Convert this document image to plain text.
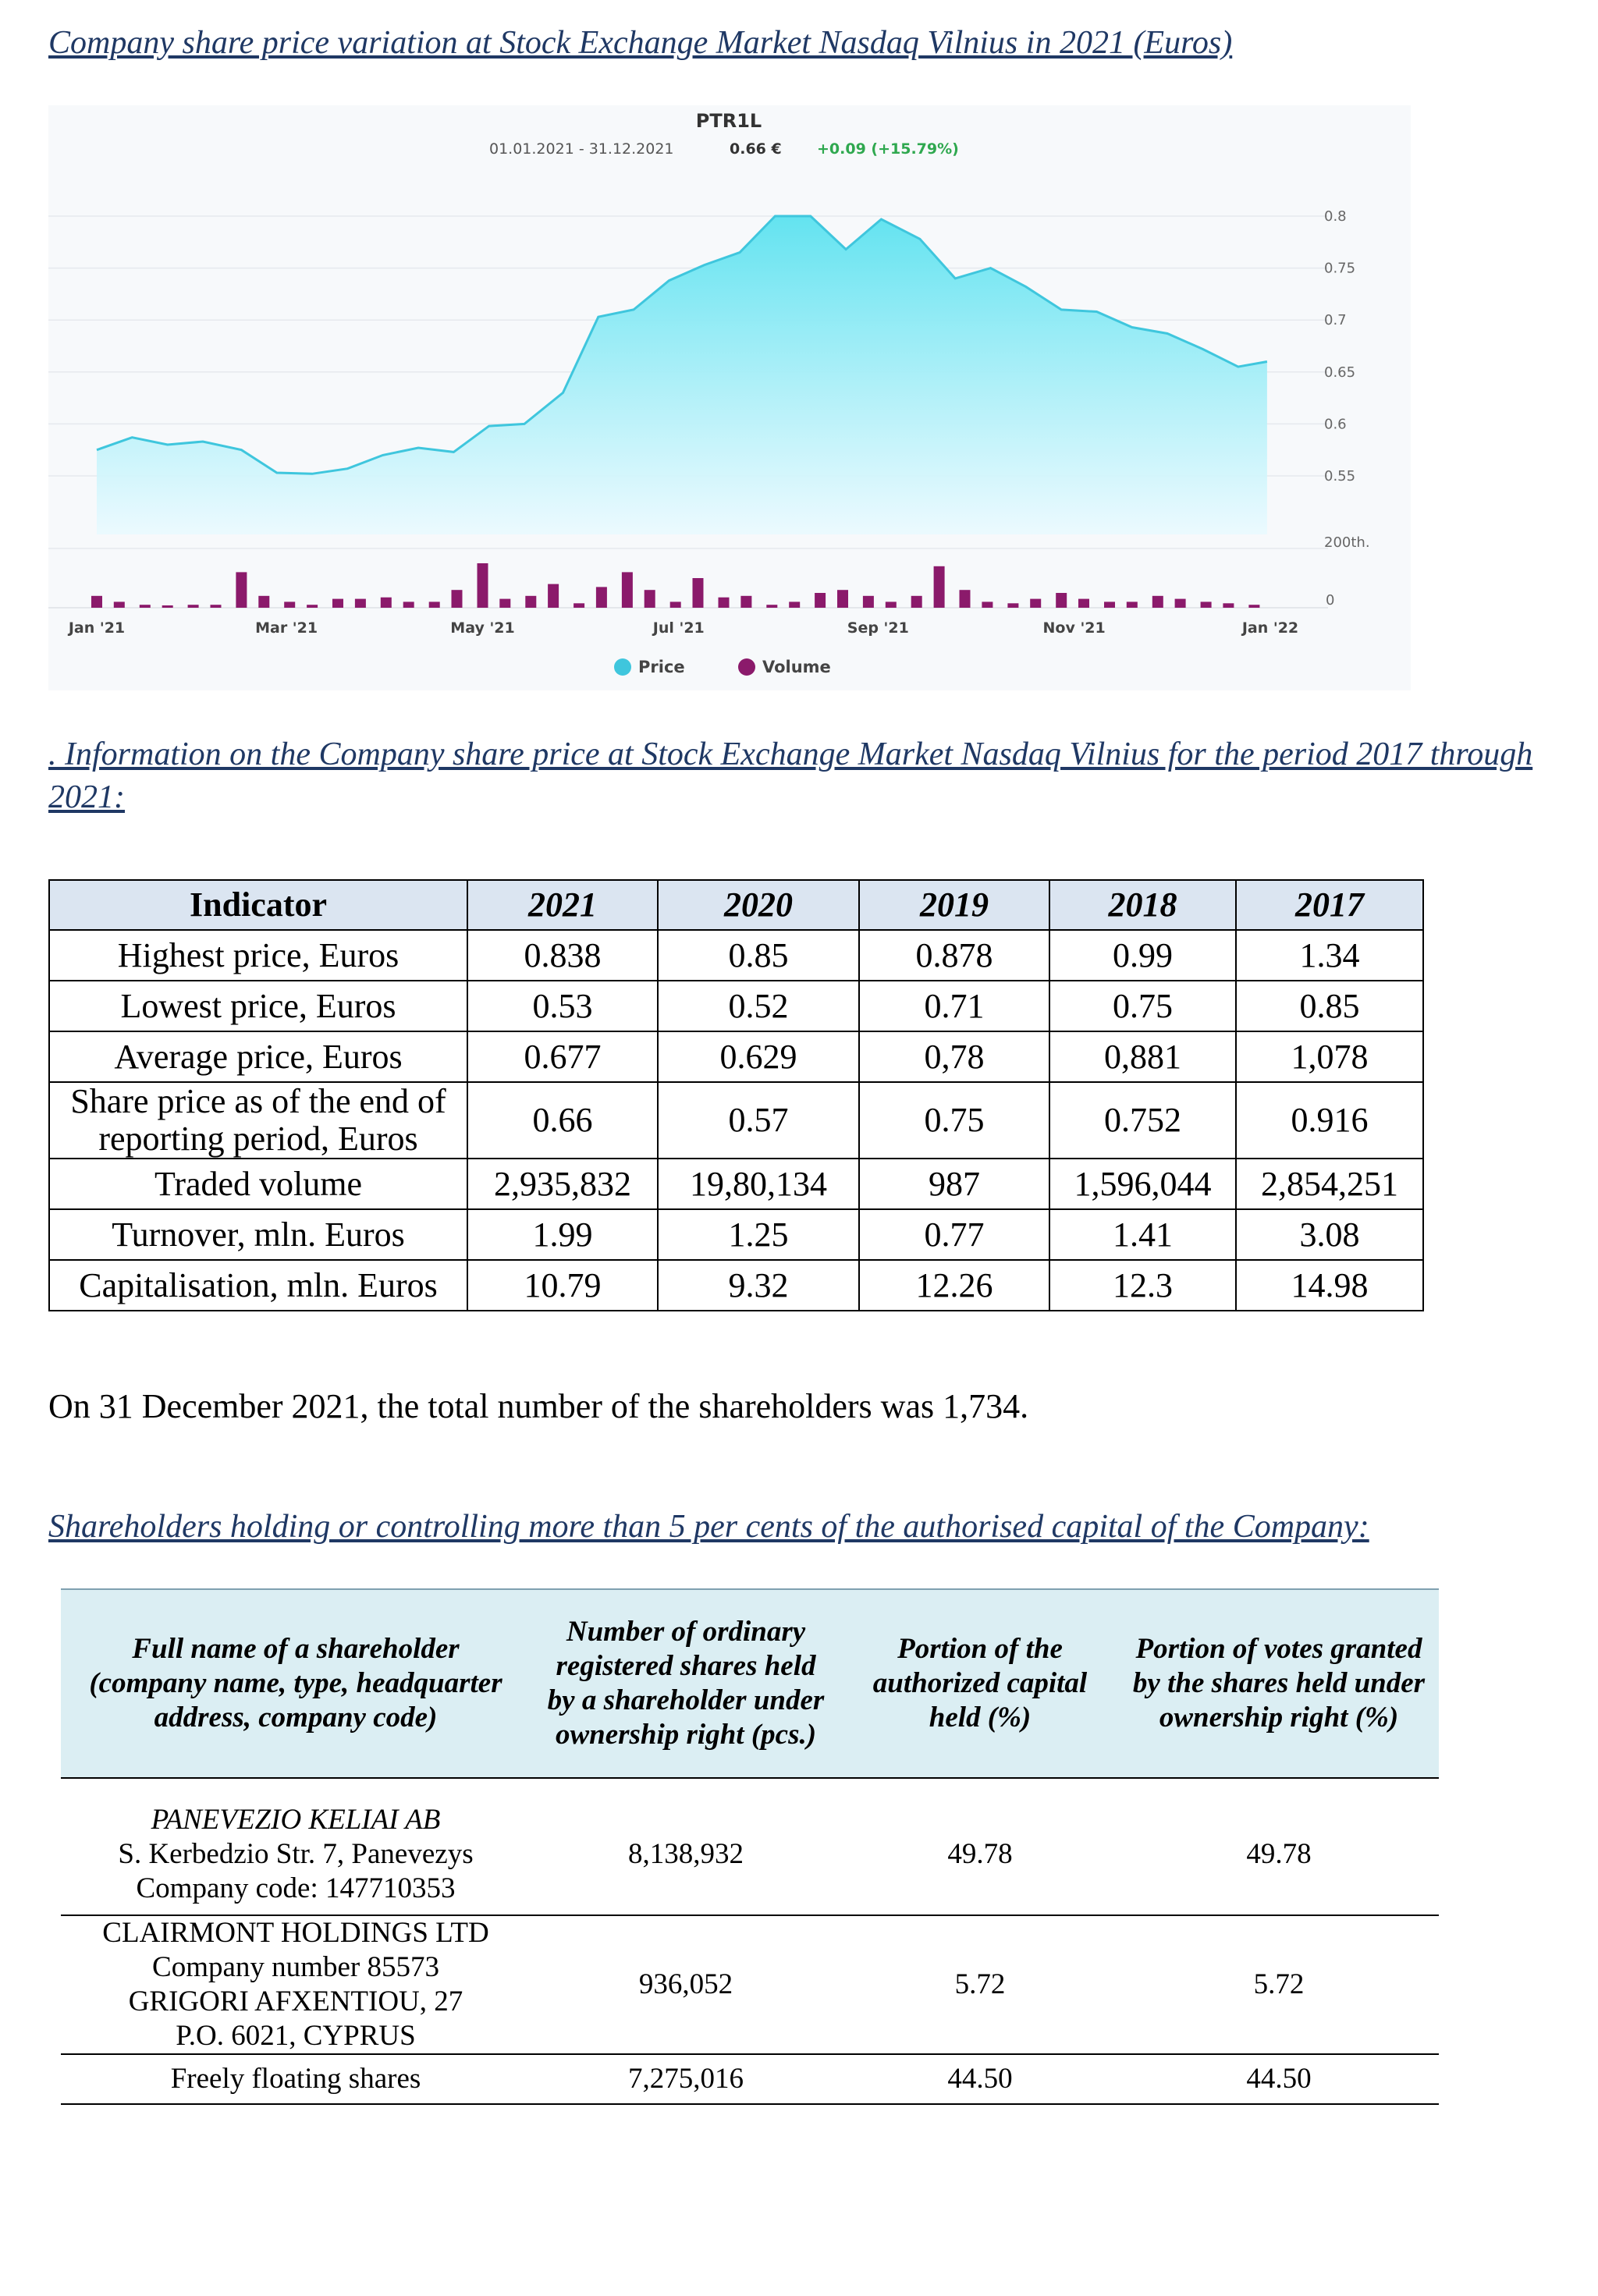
Company share price variation at Stock Exchange Market Nasdaq Vilnius in 2021 (Euros)
PTR1L
01.01.2021 - 31.12.2021	0.66 € +0.09 (+15.79%)
0.8
0.75
0.7
0.65
0.6
0.55
200th.
0
Jan '21	Mar '21	May '21	Jul '21	Sep '21	Nov '21	Jan '22
Price	Volume
. Information on the Company share price at Stock Exchange Market Nasdaq Vilnius for the period 2017 through 2021:
Indicator	2021	2020	2019	2018	2017
Highest price, Euros	0.838	0.85	0.878	0.99	1.34
Lowest price, Euros	0.53	0.52	0.71	0.75	0.85
Average price, Euros	0.677	0.629	0,78	0,881	1,078
Share price as of the end of reporting period, Euros	0.66	0.57	0.75	0.752	0.916
Traded volume	2,935,832	19,80,134	987	1,596,044	2,854,251
Turnover, mln. Euros	1.99	1.25	0.77	1.41	3.08
Capitalisation, mln. Euros	10.79	9.32	12.26	12.3	14.98

On 31 December 2021, the total number of the shareholders was 1,734.

Shareholders holding or controlling more than 5 per cents of the authorised capital of the Company:
Full name of a shareholder (company name, type, headquarter address, company code)	Number of ordinary registered shares held by a shareholder under ownership right (pcs.)	Portion of the authorized capital held (%)	Portion of votes granted by the shares held under ownership right (%)

PANEVEZIO KELIAI AB
S. Kerbedzio Str. 7, Panevezys
Company code: 147710353	8,138,932	49.78	49.78

CLAIRMONT HOLDINGS LTD
Company number 85573
GRIGORI AFXENTIOU, 27
P.O. 6021, CYPRUS	936,052	5.72	5.72
Freely floating shares	7,275,016	44.50	44.50
